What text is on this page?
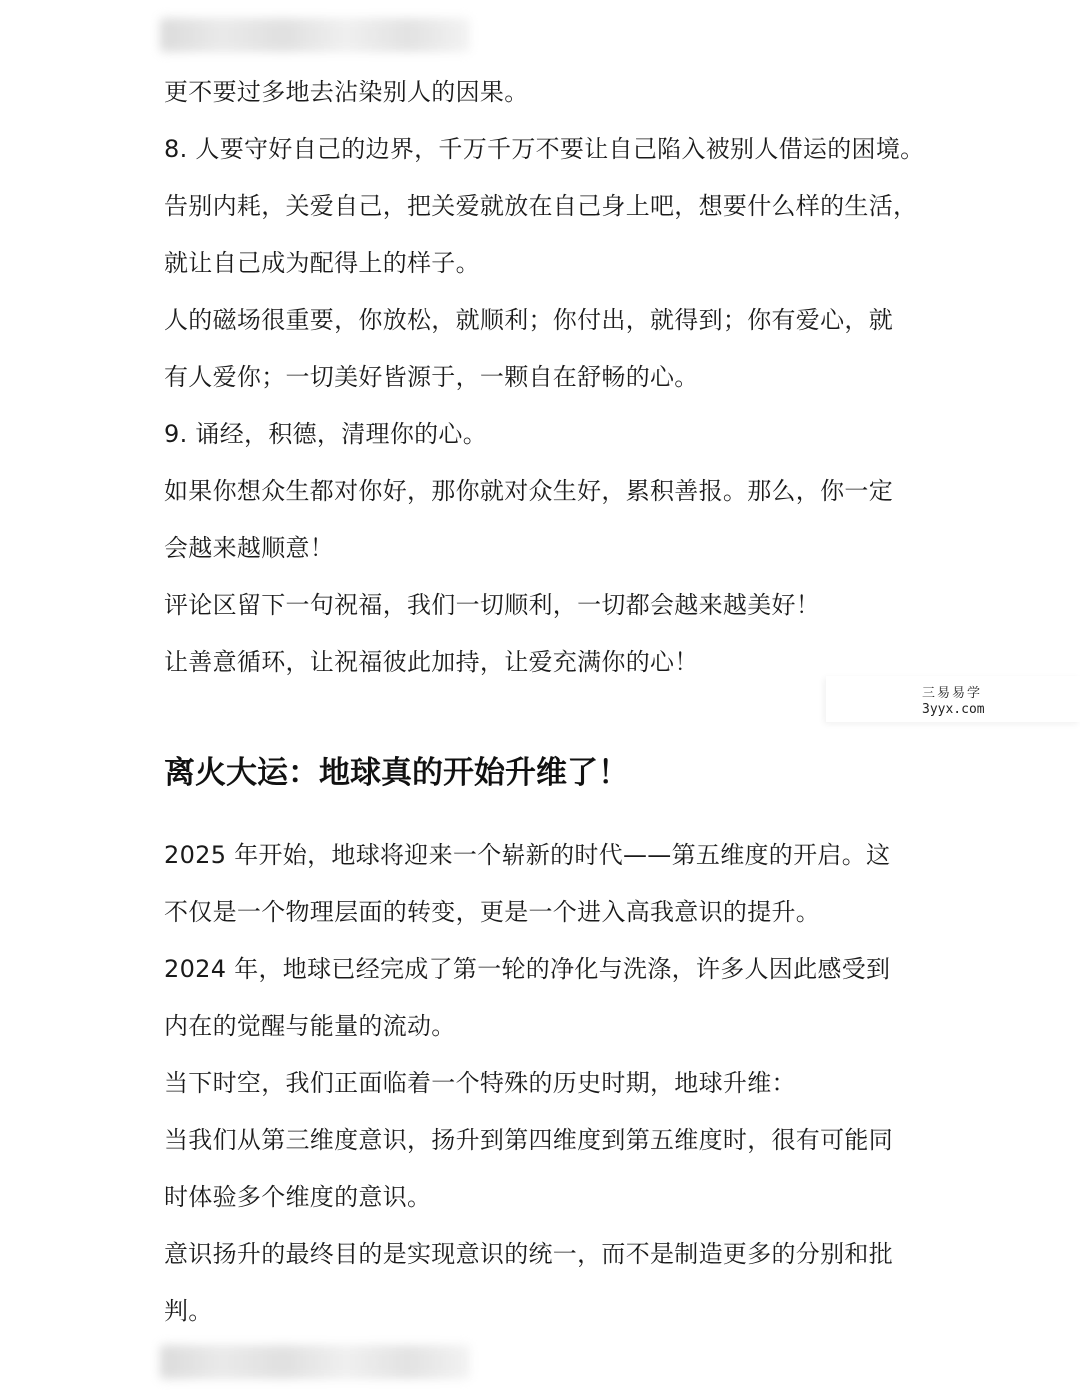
更不要过多地去沾染别人的因果。
8. 人要守好自己的边界，千万千万不要让自己陷入被别人借运的困境。
告别内耗，关爱自己，把关爱就放在自己身上吧，想要什么样的生活，
就让自己成为配得上的样子。
人的磁场很重要，你放松，就顺利；你付出，就得到；你有爱心，就
有人爱你；一切美好皆源于，一颗自在舒畅的心。
9. 诵经，积德，清理你的心。
如果你想众生都对你好，那你就对众生好，累积善报。那么，你一定
会越来越顺意！
评论区留下一句祝福，我们一切顺利，一切都会越来越美好！
让善意循环，让祝福彼此加持，让爱充满你的心！
离火大运：地球真的开始升维了！
2025 年开始，地球将迎来一个崭新的时代——第五维度的开启。这
不仅是一个物理层面的转变，更是一个进入高我意识的提升。
2024 年，地球已经完成了第一轮的净化与洗涤，许多人因此感受到
内在的觉醒与能量的流动。
当下时空，我们正面临着一个特殊的历史时期，地球升维：
当我们从第三维度意识，扬升到第四维度到第五维度时，很有可能同
时体验多个维度的意识。
意识扬升的最终目的是实现意识的统一，而不是制造更多的分别和批
判。
三易易学
3yyx.com
